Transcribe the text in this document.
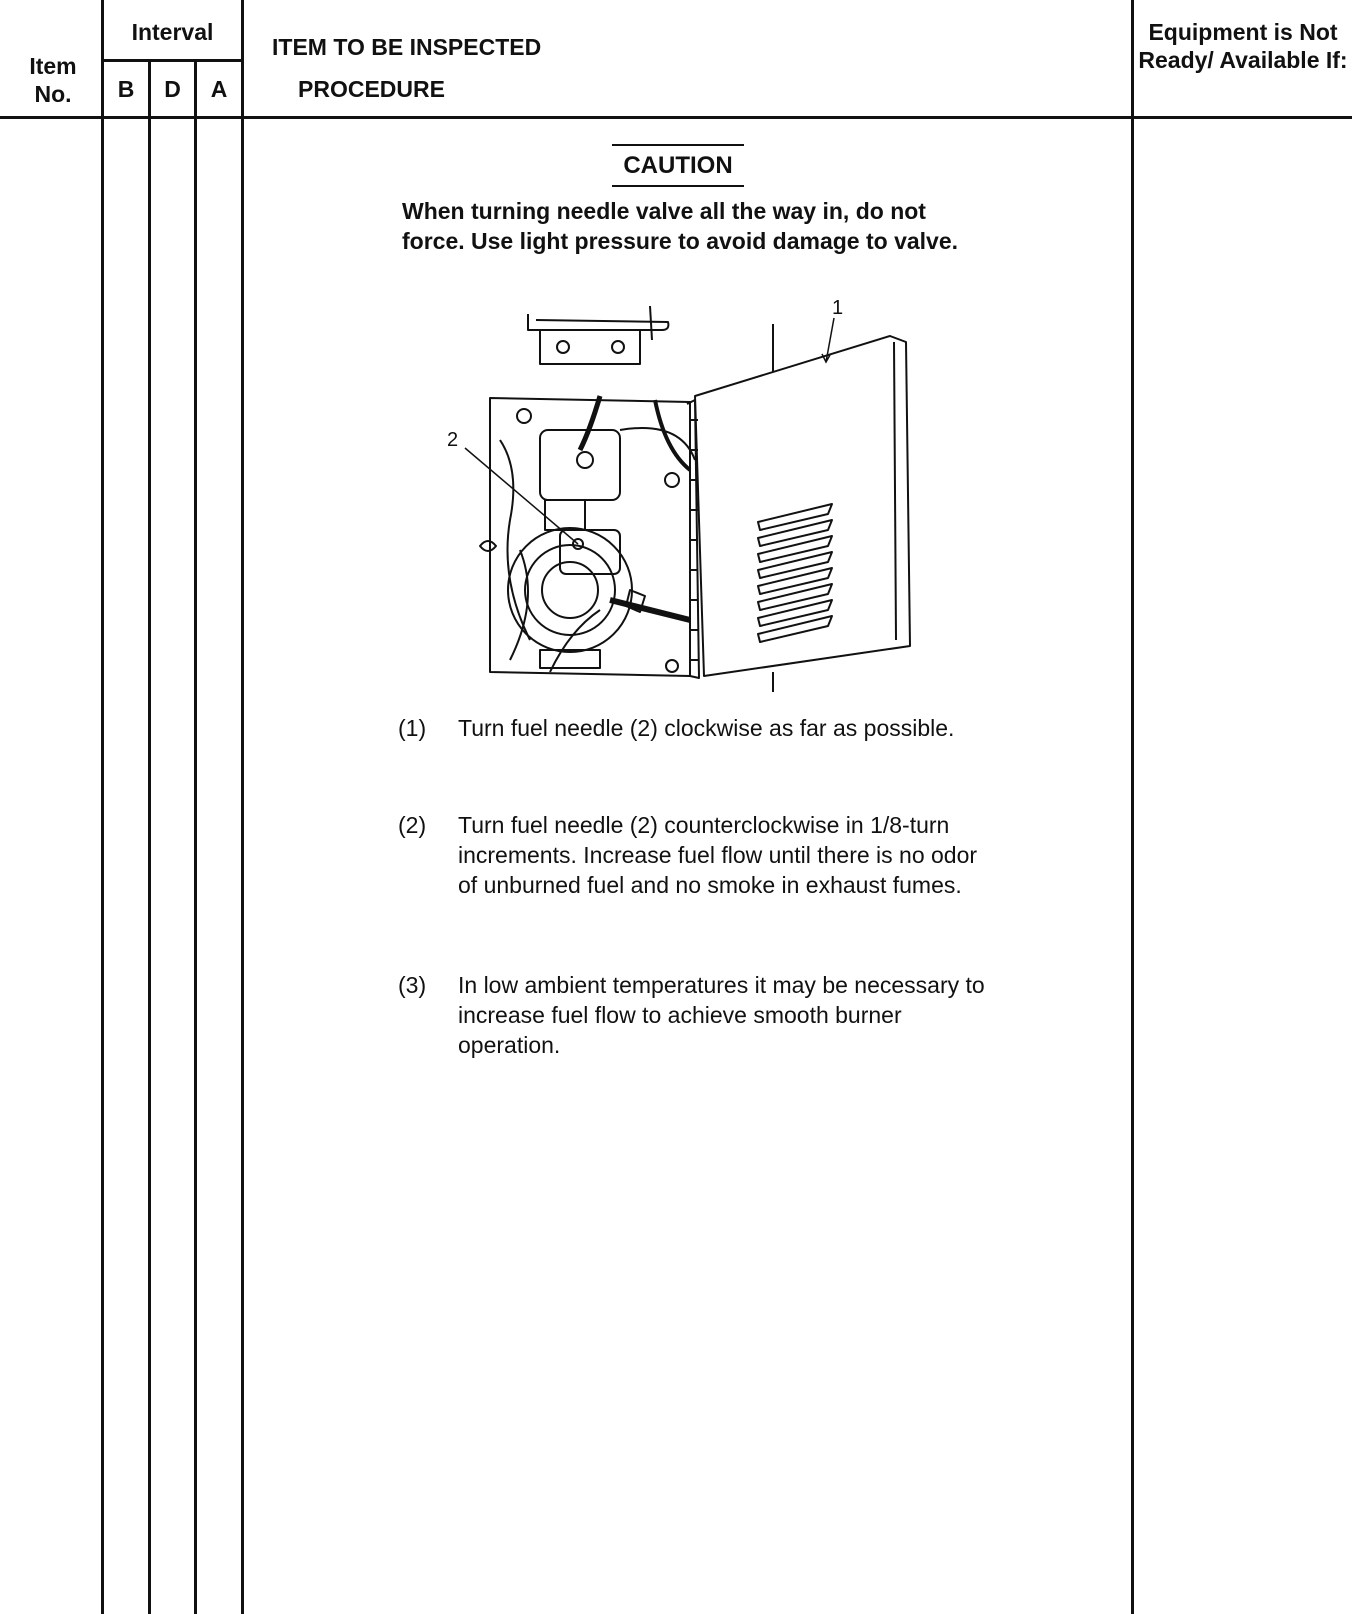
Item No.
Interval
B	D	A
ITEM TO BE INSPECTED
PROCEDURE
Equipment is Not Ready/ Available If:
CAUTION
When turning needle valve all the way in, do not force. Use light pressure to avoid damage to valve.
1
2
(1) Turn fuel needle (2) clockwise as far as possible.
(2) Turn fuel needle (2) counterclockwise in 1/8-turn increments. Increase fuel flow until there is no odor of unburned fuel and no smoke in exhaust fumes.
(3) In low ambient temperatures it may be necessary to increase fuel flow to achieve smooth burner operation.
